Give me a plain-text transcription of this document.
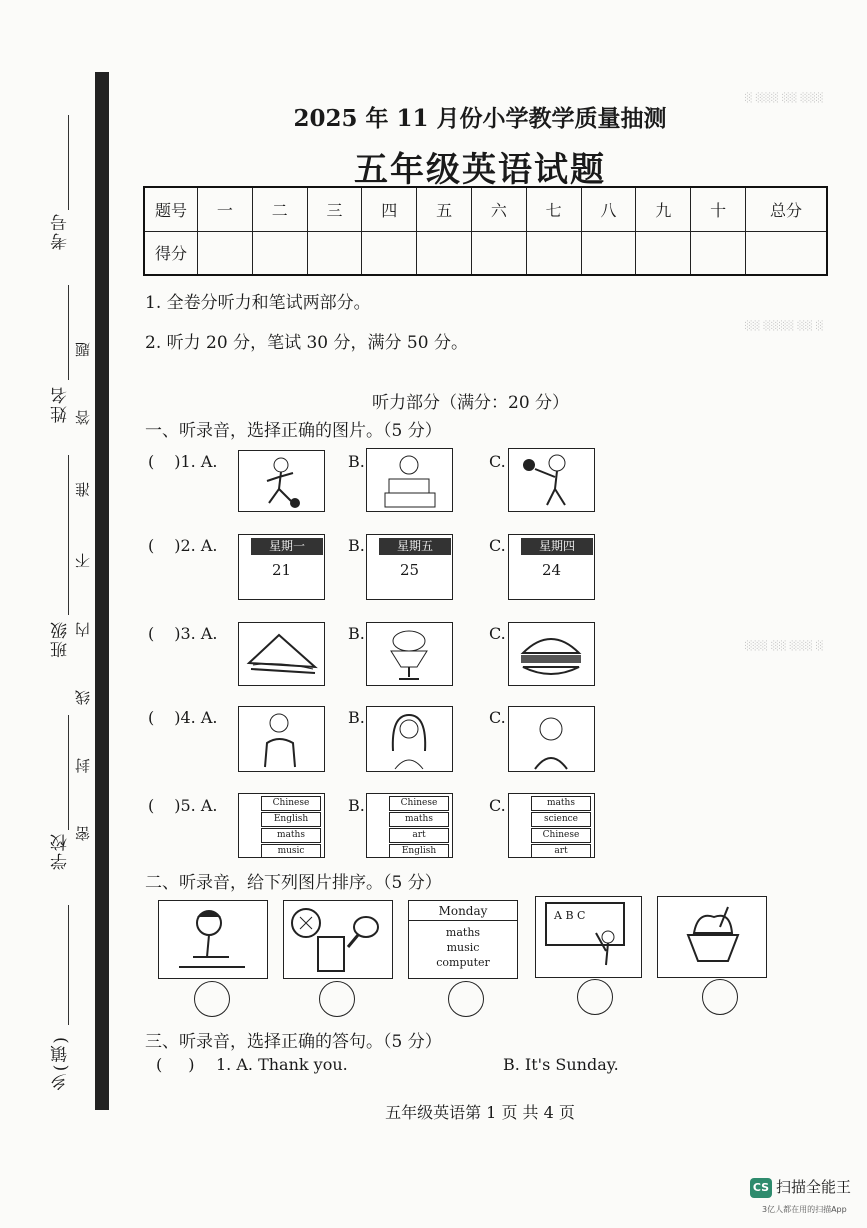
考号
姓名
班级
学校
乡(镇)
题
答
准
不
内
线
封
密
░ ░░░ ░░ ░░░
░░ ░░░░ ░░ ░
░░░ ░░ ░░░ ░
2025 年 11 月份小学教学质量抽测
五年级英语试题
题号	一	二	三	四	五	六	七	八	九	十	总分
得分											
1. 全卷分听力和笔试两部分。
2. 听力 20 分，笔试 30 分，满分 50 分。
听力部分（满分：20 分）
一、听录音，选择正确的图片。（5 分）
( )1. A.	B.	C.
( )2. A.	星期一
21
B.	星期五
25
C.	星期四
24
( )3. A.	B.	C.
( )4. A.	B.	C.
( )5. A.	Chinese
English
maths
music
B.	Chinese
maths
art
English
C.	maths
science
Chinese
art
二、听录音，给下列图片排序。（5 分）
Monday
maths
music
computer
A B C
三、听录音，选择正确的答句。（5 分）
( ) 1. A. Thank you.	B. It's Sunday.
五年级英语第 1 页 共 4 页
CS 扫描全能王
3亿人都在用的扫描App
